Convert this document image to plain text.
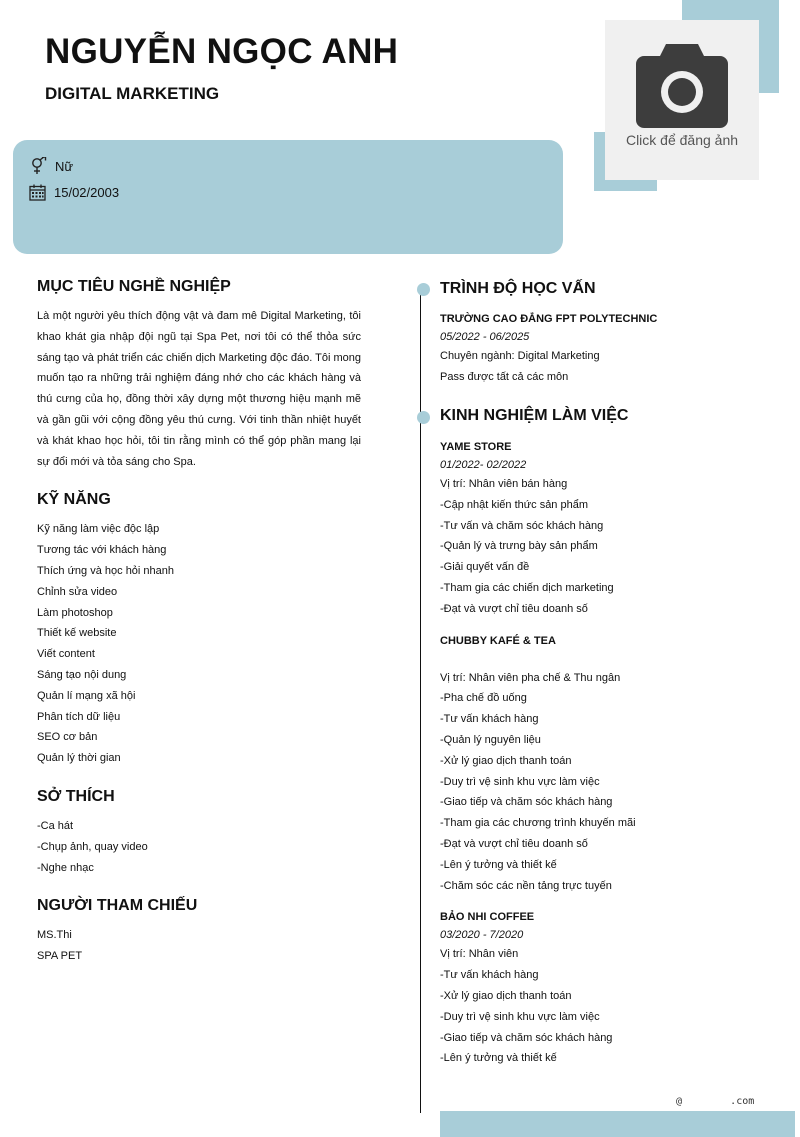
NGUYỄN NGỌC ANH
DIGITAL MARKETING
Click để đăng ảnh
Nữ
15/02/2003
MỤC TIÊU NGHỀ NGHIỆP

Là một người yêu thích động vật và đam mê Digital Marketing, tôi khao khát gia nhập đội ngũ tại Spa Pet, nơi tôi có thể thỏa sức sáng tạo và phát triển các chiến dịch Marketing độc đáo. Tôi mong muốn tạo ra những trải nghiệm đáng nhớ cho các khách hàng và thú cưng của họ, đồng thời xây dựng một thương hiệu mạnh mẽ và gần gũi với cộng đồng yêu thú cưng. Với tinh thần nhiệt huyết và khát khao học hỏi, tôi tin rằng mình có thể góp phần mang lại sự đổi mới và tỏa sáng cho Spa.

KỸ NĂNG

Kỹ năng làm việc độc lập

Tương tác với khách hàng

Thích ứng và học hỏi nhanh

Chỉnh sửa video

Làm photoshop

Thiết kế website

Viết content

Sáng tạo nội dung

Quản lí mạng xã hội

Phân tích dữ liệu

SEO cơ bản

Quản lý thời gian

SỞ THÍCH

-Ca hát

-Chụp ảnh, quay video

-Nghe nhạc

NGƯỜI THAM CHIẾU

MS.Thi

SPA PET

TRÌNH ĐỘ HỌC VẤN

TRƯỜNG CAO ĐẲNG FPT POLYTECHNIC

05/2022 - 06/2025

Chuyên ngành: Digital Marketing

Pass được tất cả các môn

KINH NGHIỆM LÀM VIỆC

YAME STORE

01/2022- 02/2022

Vị trí: Nhân viên bán hàng

-Cập nhật kiến thức sản phẩm

-Tư vấn và chăm sóc khách hàng

-Quản lý và trưng bày sản phẩm

-Giải quyết vấn đề

-Tham gia các chiến dịch marketing

-Đạt và vượt chỉ tiêu doanh số

CHUBBY KAFÉ & TEA

Vị trí: Nhân viên pha chế & Thu ngân

-Pha chế đồ uống

-Tư vấn khách hàng

-Quản lý nguyên liệu

-Xử lý giao dịch thanh toán

-Duy trì vệ sinh khu vực làm việc

-Giao tiếp và chăm sóc khách hàng

-Tham gia các chương trình khuyến mãi

-Đạt và vượt chỉ tiêu doanh số

-Lên ý tưởng và thiết kế

-Chăm sóc các nền tảng trực tuyến

BẢO NHI COFFEE

03/2020 - 7/2020

Vị trí: Nhân viên

-Tư vấn khách hàng

-Xử lý giao dịch thanh toán

-Duy trì vệ sinh khu vực làm việc

-Giao tiếp và chăm sóc khách hàng

-Lên ý tưởng và thiết kế

@        .com
